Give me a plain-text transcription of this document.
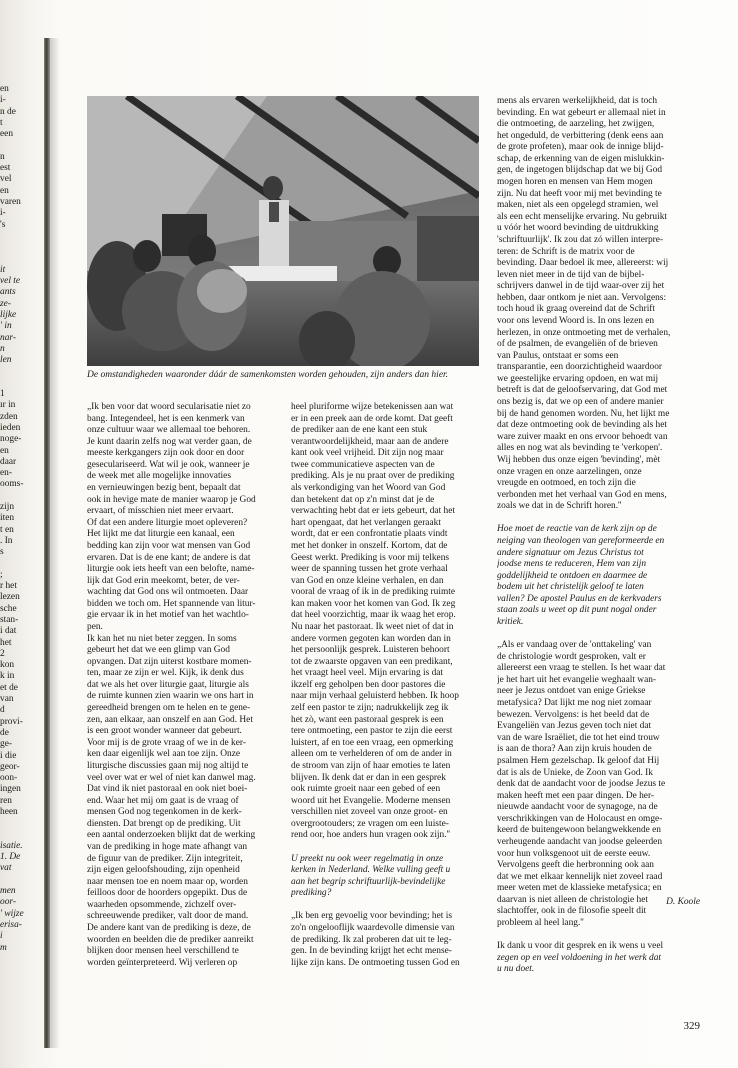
en
i-
n de
t
een
n
est
vel
en
varen
i-
's
it
vel te
ants
ze-
lijke
' in
nar-
n
len
1
ır in
zden
ieden
noge-
en
daar
en-
ooms-
zijn
iten
t en
. In
s
;
r het
lezen
sche
stan-
i dat
het
2
kon
k in
et de
van
d
provi-
de
ge-
i die
geor-
oon-
ingen
ren
heen
isatie.
1. De
vat
men
oor-
' wijze
erisa-
i
m
De omstandigheden waaronder dáár de samenkomsten worden gehouden, zijn anders dan hier.
„Ik ben voor dat woord secularisatie niet zo
bang. Integendeel, het is een kenmerk van
onze cultuur waar we allemaal toe behoren.
Je kunt daarin zelfs nog wat verder gaan, de
meeste kerkgangers zijn ook door en door
geseculariseerd. Wat wil je ook, wanneer je
de week met alle mogelijke innovaties
en vernieuwingen bezig bent, bepaalt dat
ook in hevige mate de manier waarop je God
ervaart, of misschien niet meer ervaart.
Of dat een andere liturgie moet opleveren?
Het lijkt me dat liturgie een kanaal, een
bedding kan zijn voor wat mensen van God
ervaren. Dat is de ene kant; de andere is dat
liturgie ook iets heeft van een belofte, name-
lijk dat God erin meekomt, beter, de ver-
wachting dat God ons wil ontmoeten. Daar
bidden we toch om. Het spannende van litur-
gie ervaar ik in het motief van het wachtlo-
pen.
Ik kan het nu niet beter zeggen. In soms
gebeurt het dat we een glimp van God
opvangen. Dat zijn uiterst kostbare momen-
ten, maar ze zijn er wel. Kijk, ik denk dus
dat we als het over liturgie gaat, liturgie als
de ruimte kunnen zien waarin we ons hart in
gereedheid brengen om te helen en te gene-
zen, aan elkaar, aan onszelf en aan God. Het
is een groot wonder wanneer dat gebeurt.
Voor mij is de grote vraag of we in de ker-
ken daar eigenlijk wel aan toe zijn. Onze
liturgische discussies gaan mij nog altijd te
veel over wat er wel of niet kan danwel mag.
Dat vind ik niet pastoraal en ook niet boei-
end. Waar het mij om gaat is de vraag of
mensen God nog tegenkomen in de kerk-
diensten. Dat brengt op de prediking. Uit
een aantal onderzoeken blijkt dat de werking
van de prediking in hoge mate afhangt van
de figuur van de prediker. Zijn integriteit,
zijn eigen geloofshouding, zijn openheid
naar mensen toe en noem maar op, worden
feilloos door de hoorders opgepikt. Dus de
waarheden opsommende, zichzelf over-
schreeuwende prediker, valt door de mand.
De andere kant van de prediking is deze, de
woorden en beelden die de prediker aanreikt
blijken door mensen heel verschillend te
worden geïnterpreteerd. Wij verleren op
heel pluriforme wijze betekenissen aan wat
er in een preek aan de orde komt. Dat geeft
de prediker aan de ene kant een stuk
verantwoordelijkheid, maar aan de andere
kant ook veel vrijheid. Dit zijn nog maar
twee communicatieve aspecten van de
prediking. Als je nu praat over de prediking
als verkondiging van het Woord van God
dan betekent dat op z'n minst dat je de
verwachting hebt dat er iets gebeurt, dat het
hart opengaat, dat het verlangen geraakt
wordt, dat er een confrontatie plaats vindt
met het donker in onszelf. Kortom, dat de
Geest werkt. Prediking is voor mij telkens
weer de spanning tussen het grote verhaal
van God en onze kleine verhalen, en dan
vooral de vraag of ik in de prediking ruimte
kan maken voor het komen van God. Ik zeg
dat heel voorzichtig, maar ik waag het erop.
Nu naar het pastoraat. Ik weet niet of dat in
andere vormen gegoten kan worden dan in
het persoonlijk gesprek. Luisteren behoort
tot de zwaarste opgaven van een predikant,
het vraagt heel veel. Mijn ervaring is dat
ikzelf erg geholpen ben door pastores die
naar mijn verhaal geluisterd hebben. Ik hoop
zelf een pastor te zijn; nadrukkelijk zeg ik
het zò, want een pastoraal gesprek is een
tere ontmoeting, een pastor te zijn die eerst
luistert, af en toe een vraag, een opmerking
alleen om te verhelderen of om de ander in
de stroom van zijn of haar emoties te laten
blijven. Ik denk dat er dan in een gesprek
ook ruimte groeit naar een gebed of een
woord uit het Evangelie. Moderne mensen
verschillen niet zoveel van onze groot- en
overgrootouders; ze vragen om een luiste-
rend oor, hoe anders hun vragen ook zijn.''

U preekt nu ook weer regelmatig in onze
kerken in Nederland. Welke vulling geeft u
aan het begrip schriftuurlijk-bevindelijke
prediking?

„Ik ben erg gevoelig voor bevinding; het is
zo'n ongelooflijk waardevolle dimensie van
de prediking. Ik zal proberen dat uit te leg-
gen. In de bevinding krijgt het echt mense-
lijke zijn kans. De ontmoeting tussen God en
mens als ervaren werkelijkheid, dat is toch
bevinding. En wat gebeurt er allemaal niet in
die ontmoeting, de aarzeling, het zwijgen,
het ongeduld, de verbittering (denk eens aan
de grote profeten), maar ook de innige blijd-
schap, de erkenning van de eigen mislukkin-
gen, de ingetogen blijdschap dat we bij God
mogen horen en mensen van Hem mogen
zijn. Nu dat heeft voor mij met bevinding te
maken, niet als een opgelegd stramien, wel
als een echt menselijke ervaring. Nu gebruikt
u vóór het woord bevinding de uitdrukking
'schriftuurlijk'. Ik zou dat zó willen interpre-
teren: de Schrift is de matrix voor de
bevinding. Daar bedoel ik mee, allereerst: wij
leven niet meer in de tijd van de bijbel-
schrijvers danwel in de tijd waar-over zij het
hebben, daar ontkom je niet aan. Vervolgens:
toch houd ik graag overeind dat de Schrift
voor ons levend Woord is. In ons lezen en
herlezen, in onze ontmoeting met de verhalen,
of de psalmen, de evangeliën of de brieven
van Paulus, ontstaat er soms een
transparantie, een doorzichtigheid waardoor
we geestelijke ervaring opdoen, en wat mij
betreft is dat de geloofservaring, dat God met
ons bezig is, dat we op een of andere manier
bij de hand genomen worden. Nu, het lijkt me
dat deze ontmoeting ook de bevinding als het
ware zuiver maakt en ons ervoor behoedt van
alles en nog wat als bevinding te 'verkopen'.
Wij hebben dus onze eigen 'bevinding', mèt
onze vragen en onze aarzelingen, onze
vreugde en ootmoed, en toch zijn die
verbonden met het verhaal van God en mens,
zoals we dat in de Schrift horen.''

Hoe moet de reactie van de kerk zijn op de
neiging van theologen van gereformeerde en
andere signatuur om Jezus Christus tot
joodse mens te reduceren, Hem van zijn
goddelijkheid te ontdoen en daarmee de
bodem uit het christelijk geloof te laten
vallen? De apostel Paulus en de kerkvaders
staan zoals u weet op dit punt nogal onder
kritiek.

„Als er vandaag over de 'onttakeling' van
de christologie wordt gesproken, valt er
allereerst een vraag te stellen. Is het waar dat
je het hart uit het evangelie weghaalt wan-
neer je Jezus ontdoet van enige Griekse
metafysica? Dat lijkt me nog niet zomaar
bewezen. Vervolgens: is het beeld dat de
Evangeliën van Jezus geven toch niet dat
van de ware Israëliet, die tot het eind trouw
is aan de thora? Aan zijn kruis houden de
psalmen Hem gezelschap. Ik geloof dat Hij
dat is als de Unieke, de Zoon van God. Ik
denk dat de aandacht voor de joodse Jezus te
maken heeft met een paar dingen. De her-
nieuwde aandacht voor de synagoge, na de
verschrikkingen van de Holocaust en omge-
keerd de buitengewoon belangwekkende en
verheugende aandacht van joodse geleerden
voor hun volksgenoot uit de eerste eeuw.
Vervolgens geeft die herbronning ook aan
dat we met elkaar kennelijk niet zoveel raad
meer weten met de klassieke metafysica; en
daarvan is niet alleen de christologie het
slachtoffer, ook in de filosofie speelt dit
probleem al heel lang.''

Ik dank u voor dit gesprek en ik wens u veel
zegen op en veel voldoening in het werk dat
u nu doet.
D. Koole
329
